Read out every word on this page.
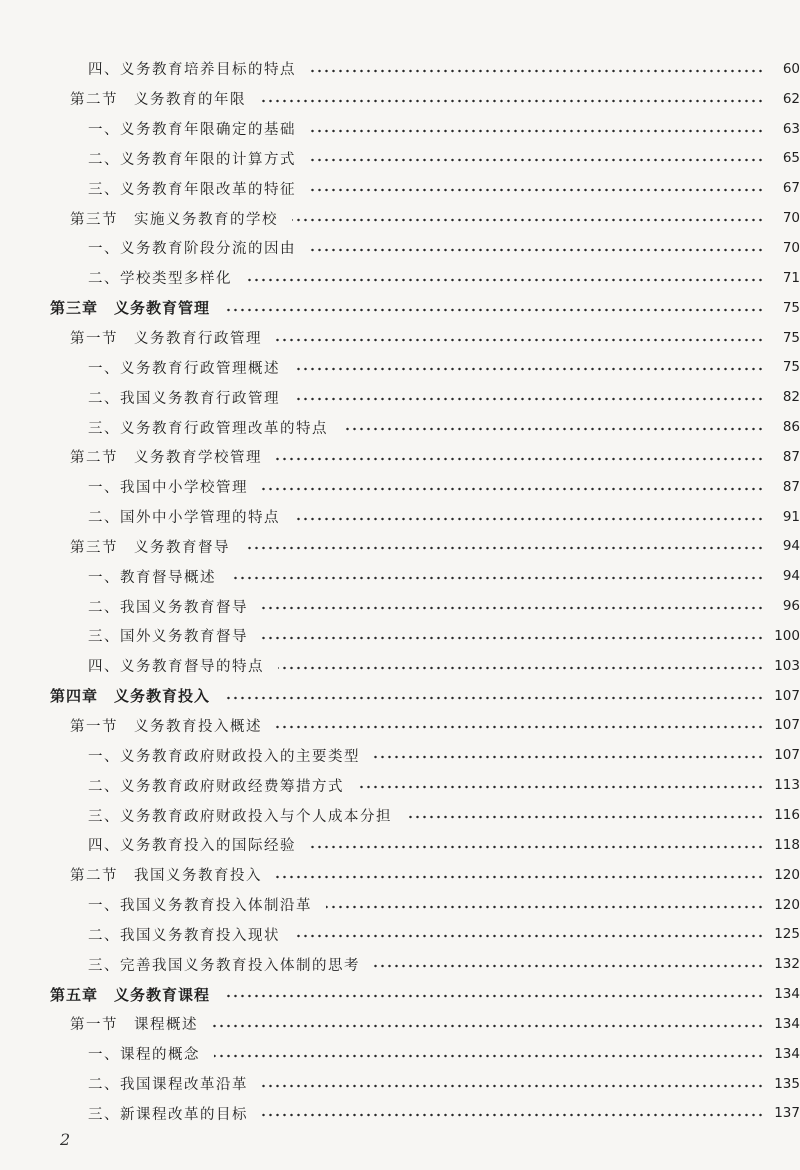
四、义务教育培养目标的特点	60
第二节　义务教育的年限	62
一、义务教育年限确定的基础	63
二、义务教育年限的计算方式	65
三、义务教育年限改革的特征	67
第三节　实施义务教育的学校	70
一、义务教育阶段分流的因由	70
二、学校类型多样化	71
第三章　义务教育管理	75
第一节　义务教育行政管理	75
一、义务教育行政管理概述	75
二、我国义务教育行政管理	82
三、义务教育行政管理改革的特点	86
第二节　义务教育学校管理	87
一、我国中小学校管理	87
二、国外中小学管理的特点	91
第三节　义务教育督导	94
一、教育督导概述	94
二、我国义务教育督导	96
三、国外义务教育督导	100
四、义务教育督导的特点	103
第四章　义务教育投入	107
第一节　义务教育投入概述	107
一、义务教育政府财政投入的主要类型	107
二、义务教育政府财政经费筹措方式	113
三、义务教育政府财政投入与个人成本分担	116
四、义务教育投入的国际经验	118
第二节　我国义务教育投入	120
一、我国义务教育投入体制沿革	120
二、我国义务教育投入现状	125
三、完善我国义务教育投入体制的思考	132
第五章　义务教育课程	134
第一节　课程概述	134
一、课程的概念	134
二、我国课程改革沿革	135
三、新课程改革的目标	137
2
